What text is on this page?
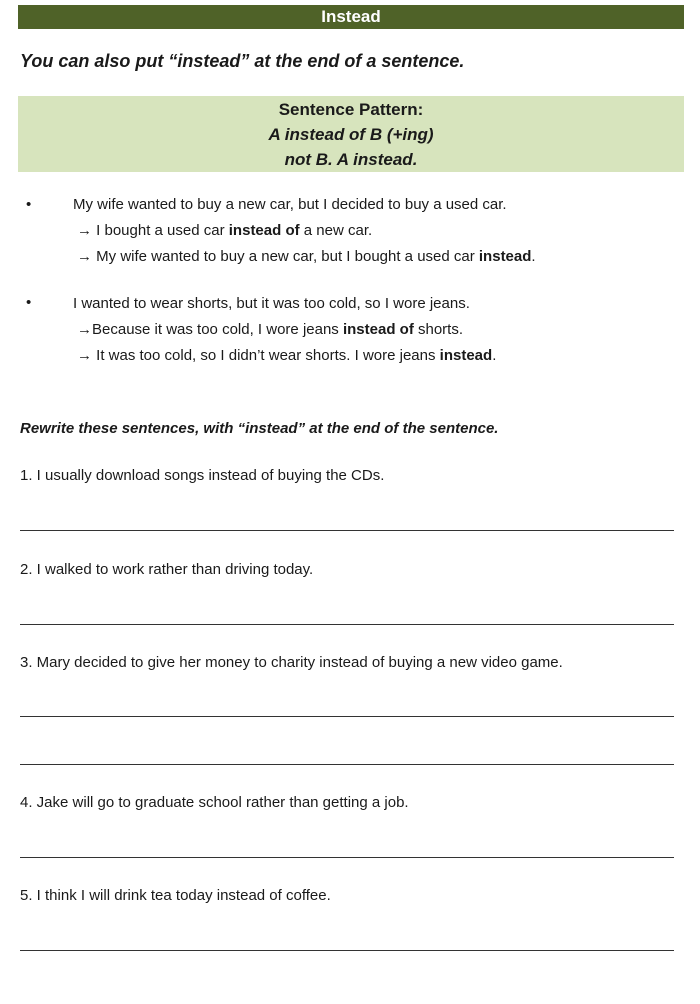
Instead
You can also put “instead” at the end of a sentence.
Sentence Pattern:
A instead of B (+ing)
not B. A instead.
•	My wife wanted to buy a new car, but I decided to buy a used car.
→ I bought a used car instead of a new car.
→ My wife wanted to buy a new car, but I bought a used car instead.
•	I wanted to wear shorts, but it was too cold, so I wore jeans.
→Because it was too cold, I wore jeans instead of shorts.
→ It was too cold, so I didn’t wear shorts. I wore jeans instead.
Rewrite these sentences, with “instead” at the end of the sentence.
1. I usually download songs instead of buying the CDs.
2. I walked to work rather than driving today.
3. Mary decided to give her money to charity instead of buying a new video game.
4. Jake will go to graduate school rather than getting a job.
5. I think I will drink tea today instead of coffee.
